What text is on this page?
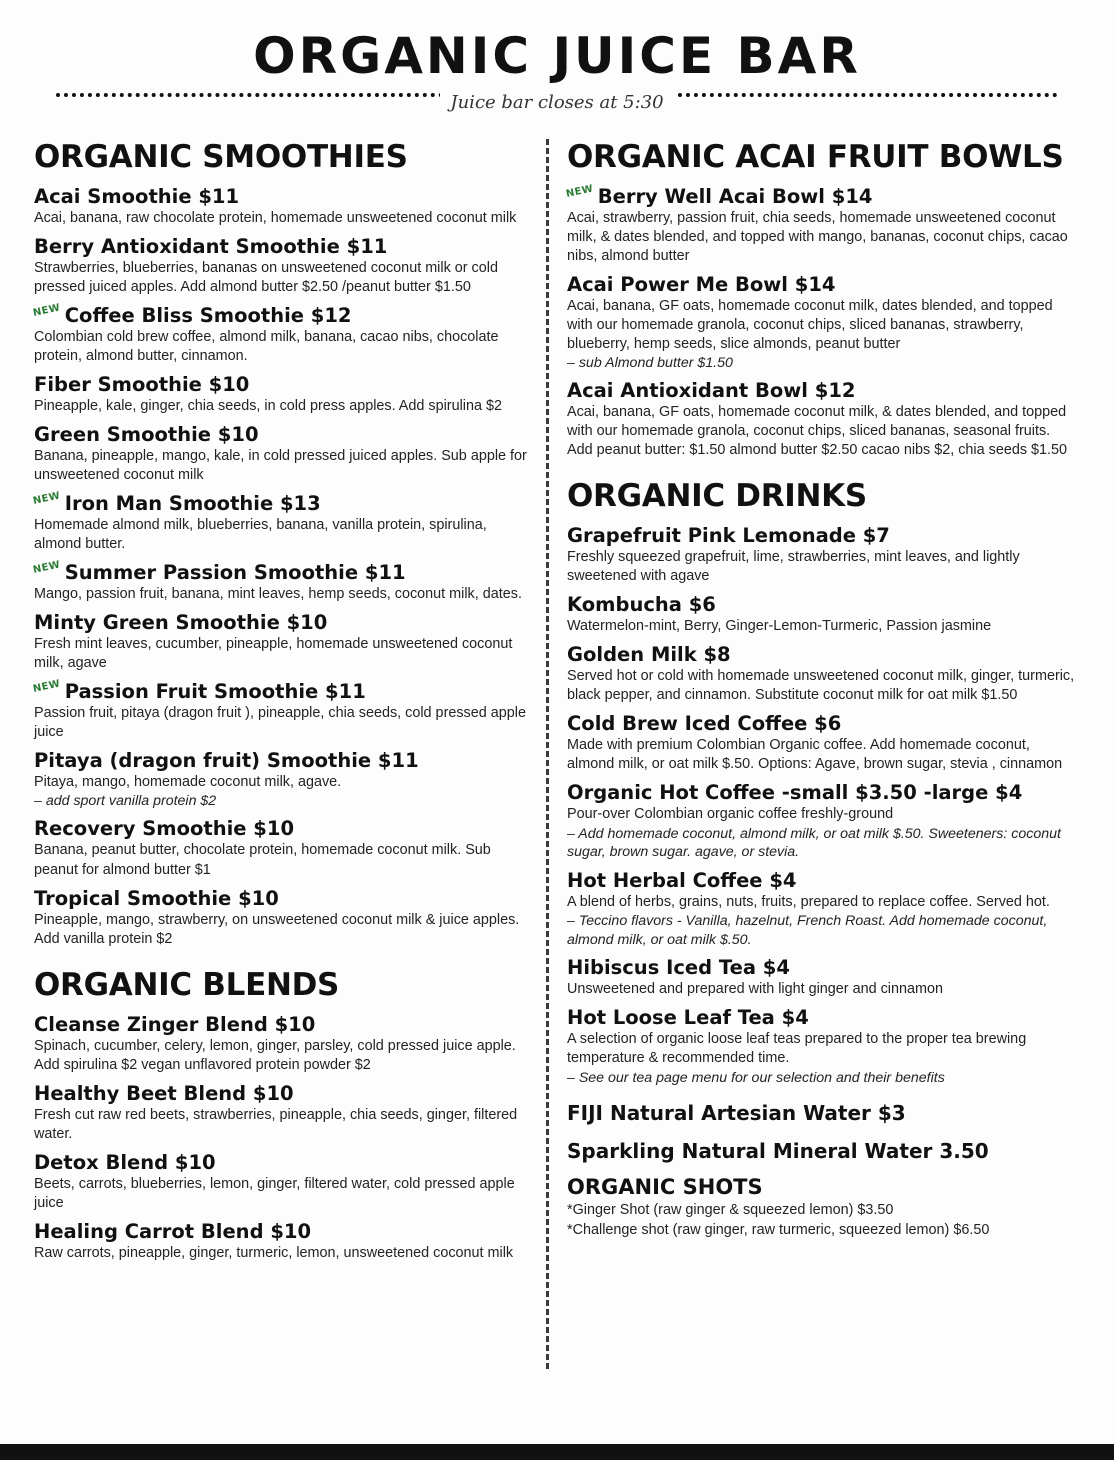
ORGANIC JUICE BAR
Juice bar closes at 5:30
ORGANIC SMOOTHIES
Acai Smoothie $11
Acai, banana, raw chocolate protein, homemade unsweetened coconut milk
Berry Antioxidant Smoothie $11
Strawberries, blueberries, bananas on unsweetened coconut milk or cold pressed juiced apples. Add almond butter $2.50 /peanut butter $1.50
NEW Coffee Bliss Smoothie $12
Colombian cold brew coffee, almond milk, banana, cacao nibs, chocolate protein, almond butter, cinnamon.
Fiber Smoothie $10
Pineapple, kale, ginger, chia seeds, in cold press apples. Add spirulina $2
Green Smoothie $10
Banana, pineapple, mango, kale, in cold pressed juiced apples. Sub apple for unsweetened coconut milk
NEW Iron Man Smoothie $13
Homemade almond milk, blueberries, banana, vanilla protein, spirulina, almond butter.
NEW Summer Passion Smoothie $11
Mango, passion fruit, banana, mint leaves, hemp seeds, coconut milk, dates.
Minty Green Smoothie $10
Fresh mint leaves, cucumber, pineapple, homemade unsweetened coconut milk, agave
NEW Passion Fruit Smoothie $11
Passion fruit, pitaya (dragon fruit ), pineapple, chia seeds, cold pressed apple juice
Pitaya (dragon fruit) Smoothie $11
Pitaya, mango, homemade coconut milk, agave.
– add sport vanilla protein $2
Recovery Smoothie $10
Banana, peanut butter, chocolate protein, homemade coconut milk. Sub peanut for almond butter $1
Tropical Smoothie $10
Pineapple, mango, strawberry, on unsweetened coconut milk & juice apples. Add vanilla protein $2
ORGANIC BLENDS
Cleanse Zinger Blend $10
Spinach, cucumber, celery, lemon, ginger, parsley, cold pressed juice apple. Add spirulina $2 vegan unflavored protein powder $2
Healthy Beet Blend $10
Fresh cut raw red beets, strawberries, pineapple, chia seeds, ginger, filtered water.
Detox Blend $10
Beets, carrots, blueberries, lemon, ginger, filtered water, cold pressed apple juice
Healing Carrot Blend $10
Raw carrots, pineapple, ginger, turmeric, lemon, unsweetened coconut milk
ORGANIC ACAI FRUIT BOWLS
NEW Berry Well Acai Bowl $14
Acai, strawberry, passion fruit, chia seeds, homemade unsweetened coconut milk, & dates blended, and topped with mango, bananas, coconut chips, cacao nibs, almond butter
Acai Power Me Bowl $14
Acai, banana, GF oats, homemade coconut milk, dates blended, and topped with our homemade granola, coconut chips, sliced bananas, strawberry, blueberry, hemp seeds, slice almonds, peanut butter
– sub Almond butter $1.50
Acai Antioxidant Bowl $12
Acai, banana, GF oats, homemade coconut milk, & dates blended, and topped with our homemade granola, coconut chips, sliced bananas, seasonal fruits. Add peanut butter: $1.50 almond butter $2.50 cacao nibs $2, chia seeds $1.50
ORGANIC DRINKS
Grapefruit Pink Lemonade $7
Freshly squeezed grapefruit, lime, strawberries, mint leaves, and lightly sweetened with agave
Kombucha $6
Watermelon-mint, Berry, Ginger-Lemon-Turmeric, Passion jasmine
Golden Milk $8
Served hot or cold with homemade unsweetened coconut milk, ginger, turmeric, black pepper, and cinnamon. Substitute coconut milk for oat milk $1.50
Cold Brew Iced Coffee $6
Made with premium Colombian Organic coffee. Add homemade coconut, almond milk, or oat milk $.50. Options: Agave, brown sugar, stevia , cinnamon
Organic Hot Coffee -small $3.50 -large $4
Pour-over Colombian organic coffee freshly-ground
– Add homemade coconut, almond milk, or oat milk $.50. Sweeteners: coconut sugar, brown sugar. agave, or stevia.
Hot Herbal Coffee $4
A blend of herbs, grains, nuts, fruits, prepared to replace coffee. Served hot.
– Teccino flavors - Vanilla, hazelnut, French Roast. Add homemade coconut, almond milk, or oat milk $.50.
Hibiscus Iced Tea $4
Unsweetened and prepared with light ginger and cinnamon
Hot Loose Leaf Tea $4
A selection of organic loose leaf teas prepared to the proper tea brewing temperature & recommended time.
– See our tea page menu for our selection and their benefits
FIJI Natural Artesian Water $3
Sparkling Natural Mineral Water 3.50
ORGANIC SHOTS
*Ginger Shot (raw ginger & squeezed lemon) $3.50
*Challenge shot (raw ginger, raw turmeric, squeezed lemon) $6.50
